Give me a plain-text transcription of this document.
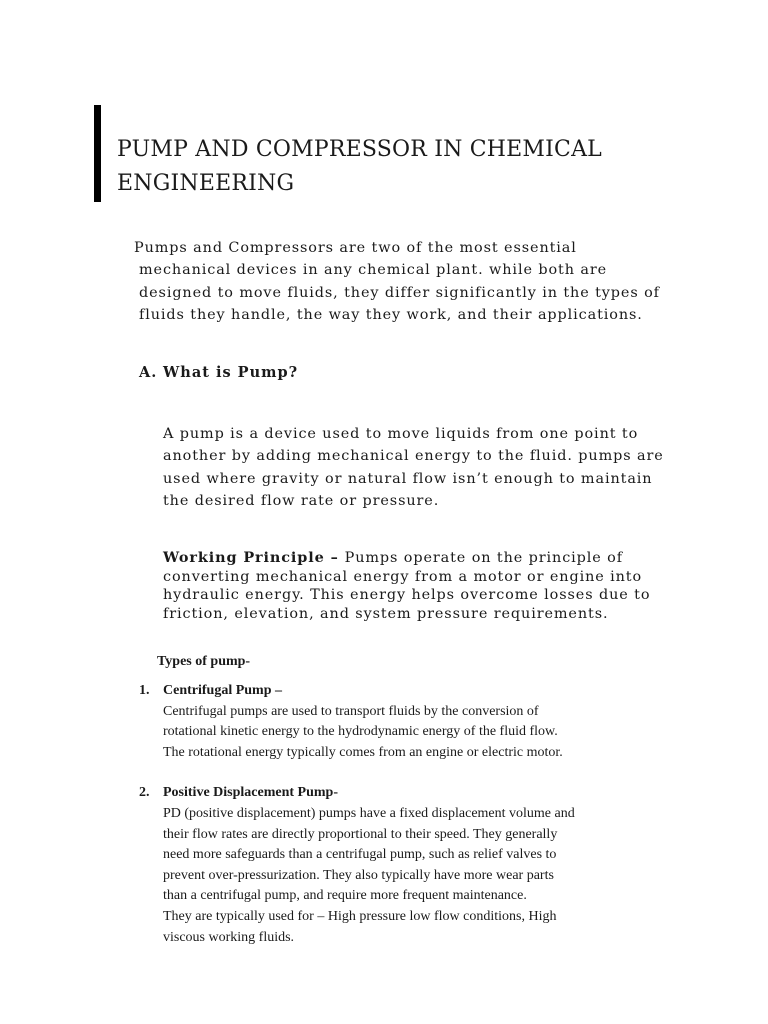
PUMP AND COMPRESSOR IN CHEMICAL
ENGINEERING

Pumps and Compressors are two of the most essential
mechanical devices in any chemical plant. while both are
designed to move fluids, they differ significantly in the types of
fluids they handle, the way they work, and their applications.

A. What is Pump?

A pump is a device used to move liquids from one point to
another by adding mechanical energy to the fluid. pumps are
used where gravity or natural flow isn’t enough to maintain
the desired flow rate or pressure.

Working Principle – Pumps operate on the principle of
converting mechanical energy from a motor or engine into
hydraulic energy. This energy helps overcome losses due to
friction, elevation, and system pressure requirements.

Types of pump-
1. Centrifugal Pump –
Centrifugal pumps are used to transport fluids by the conversion of
rotational kinetic energy to the hydrodynamic energy of the fluid flow.
The rotational energy typically comes from an engine or electric motor.
2. Positive Displacement Pump-
PD (positive displacement) pumps have a fixed displacement volume and
their flow rates are directly proportional to their speed. They generally
need more safeguards than a centrifugal pump, such as relief valves to
prevent over-pressurization. They also typically have more wear parts
than a centrifugal pump, and require more frequent maintenance.
They are typically used for – High pressure low flow conditions, High
viscous working fluids.
